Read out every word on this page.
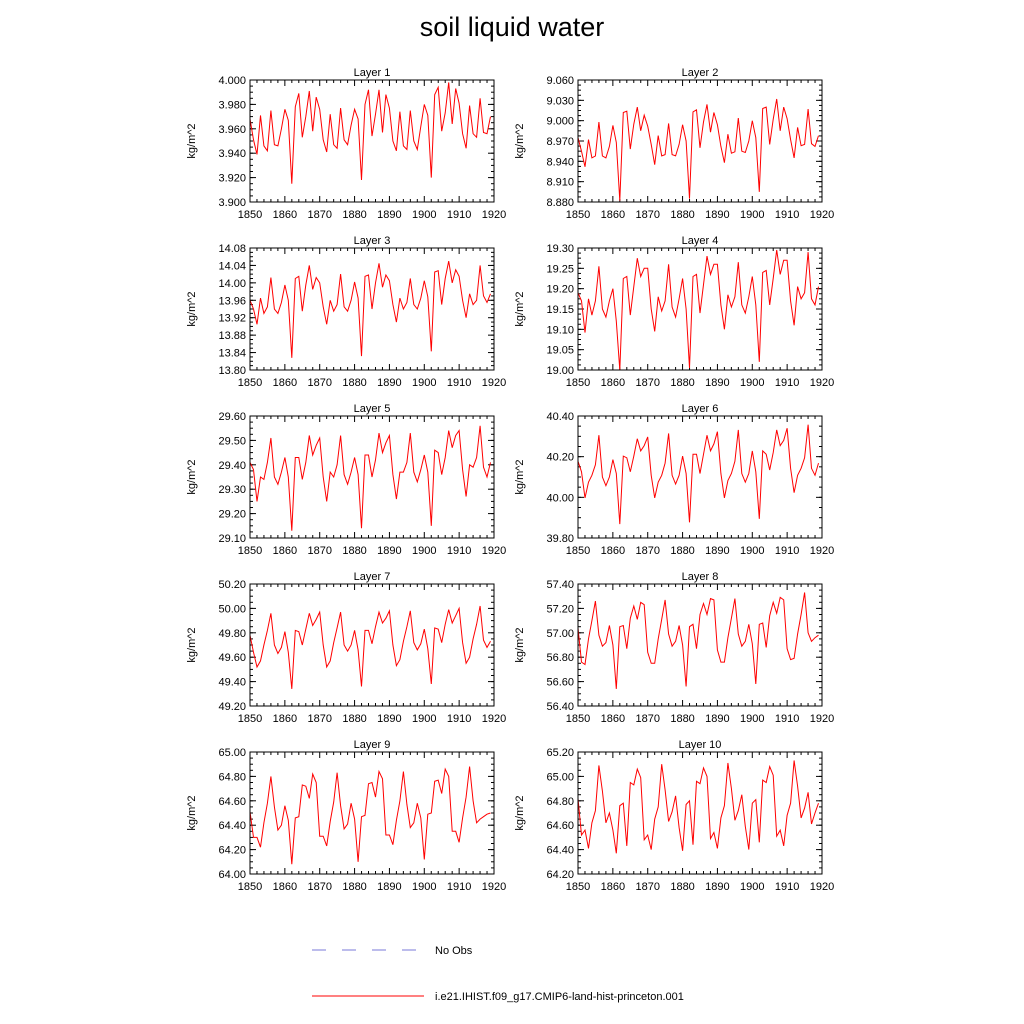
soil liquid water
Layer 1
1850 1860 1870 1880 1890 1900 1910 1920
3.900
3.920
3.940
3.960
3.980
4.000
kg/m^2
Layer 2
1850 1860 1870 1880 1890 1900 1910 1920
8.880
8.910
8.940
8.970
9.000
9.030
9.060
kg/m^2
Layer 3
1850 1860 1870 1880 1890 1900 1910 1920
13.80
13.84
13.88
13.92
13.96
14.00
14.04
14.08
kg/m^2
Layer 4
1850 1860 1870 1880 1890 1900 1910 1920
19.00
19.05
19.10
19.15
19.20
19.25
19.30
kg/m^2
Layer 5
1850 1860 1870 1880 1890 1900 1910 1920
29.10
29.20
29.30
29.40
29.50
29.60
kg/m^2
Layer 6
1850 1860 1870 1880 1890 1900 1910 1920
39.80
40.00
40.20
40.40
kg/m^2
Layer 7
1850 1860 1870 1880 1890 1900 1910 1920
49.20
49.40
49.60
49.80
50.00
50.20
kg/m^2
Layer 8
1850 1860 1870 1880 1890 1900 1910 1920
56.40
56.60
56.80
57.00
57.20
57.40
kg/m^2
Layer 9
1850 1860 1870 1880 1890 1900 1910 1920
64.00
64.20
64.40
64.60
64.80
65.00
kg/m^2
Layer 10
1850 1860 1870 1880 1890 1900 1910 1920
64.20
64.40
64.60
64.80
65.00
65.20
kg/m^2
No Obs
i.e21.IHIST.f09_g17.CMIP6-land-hist-princeton.001
